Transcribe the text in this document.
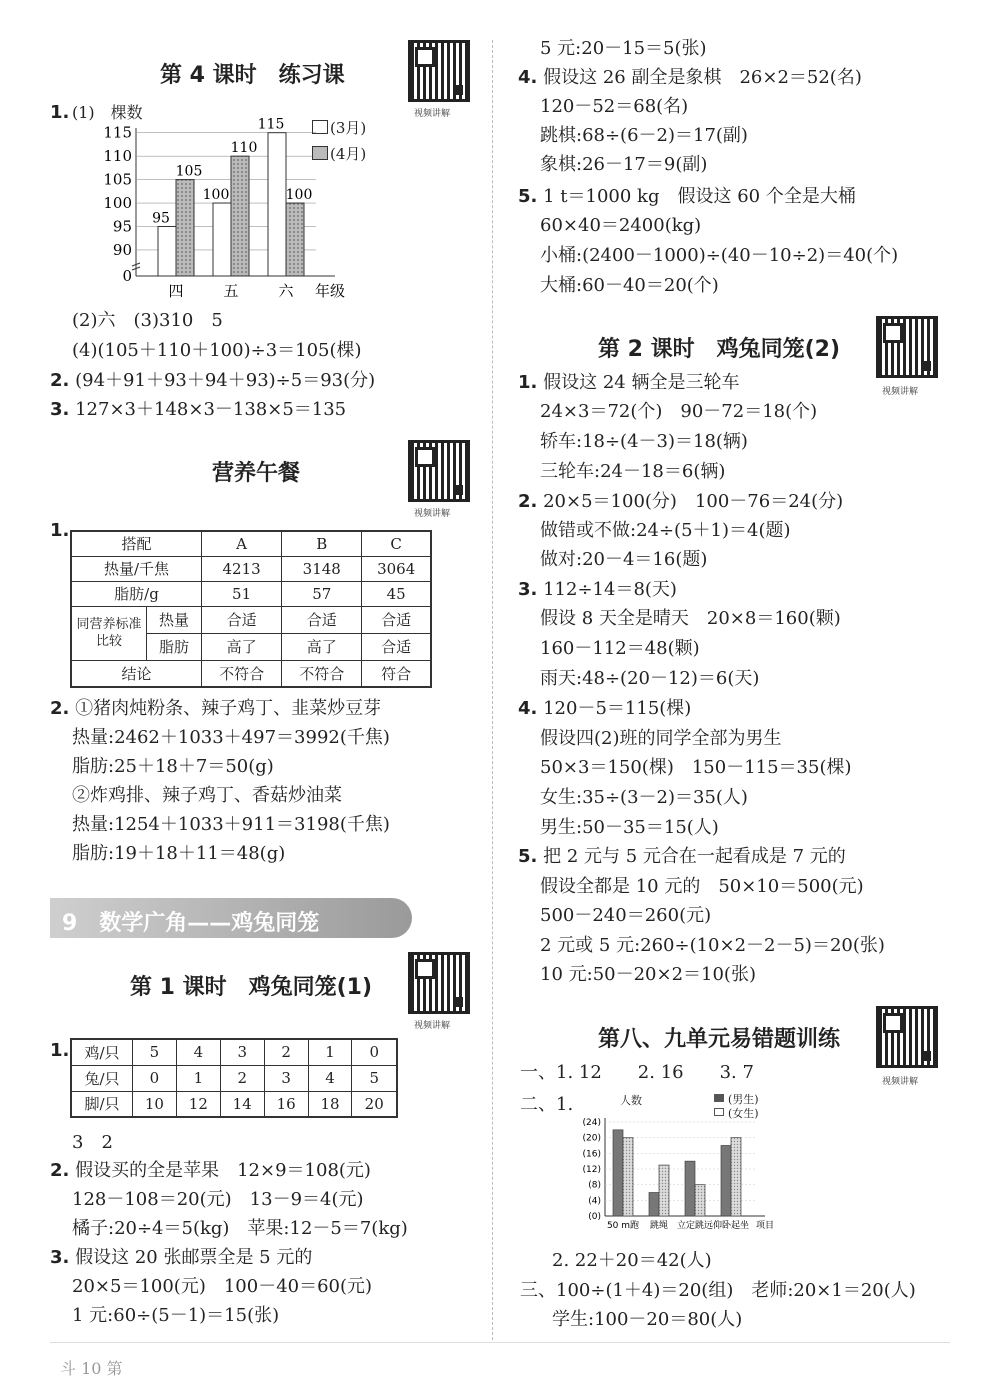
第 4 课时　练习课
视频讲解
1. (1)　棵数
0
90
95
100
105
110
115
95
105
四
100
110
五
115
100
六 年级
(3月)
(4月)
(2)六　(3)310　5
(4)(105＋110＋100)÷3＝105(棵)
2. (94＋91＋93＋94＋93)÷5＝93(分)
3. 127×3＋148×3－138×5＝135
营养午餐
视频讲解
1.
搭配		A	B	C
热量/千焦		4213	3148	3064
脂肪/g		51	57	45
同营养标准比较	热量	合适	合适	合适
	脂肪	高了	高了	合适
结论		不符合	不符合	符合
2. ①猪肉炖粉条、辣子鸡丁、韭菜炒豆芽
热量:2462＋1033＋497＝3992(千焦)
脂肪:25＋18＋7＝50(g)
②炸鸡排、辣子鸡丁、香菇炒油菜
热量:1254＋1033＋911＝3198(千焦)
脂肪:19＋18＋11＝48(g)
9　数学广角——鸡兔同笼
第 1 课时　鸡兔同笼(1)
视频讲解
1. 鸡/只	5	4	3	2	1	0
兔/只	0	1	2	3	4	5
脚/只	10	12	14	16	18	20
3　2
2. 假设买的全是苹果　12×9＝108(元)
128－108＝20(元)　13－9＝4(元)
橘子:20÷4＝5(kg)　苹果:12－5＝7(kg)
3. 假设这 20 张邮票全是 5 元的
20×5＝100(元)　100－40＝60(元)
1 元:60÷(5－1)＝15(张)
斗 10 第
5 元:20－15＝5(张)
4. 假设这 26 副全是象棋　26×2＝52(名)
120－52＝68(名)
跳棋:68÷(6－2)＝17(副)
象棋:26－17＝9(副)
5. 1 t＝1000 kg　假设这 60 个全是大桶
60×40＝2400(kg)
小桶:(2400－1000)÷(40－10÷2)＝40(个)
大桶:60－40＝20(个)
第 2 课时　鸡兔同笼(2)
视频讲解
1. 假设这 24 辆全是三轮车
24×3＝72(个)　90－72＝18(个)
轿车:18÷(4－3)＝18(辆)
三轮车:24－18＝6(辆)
2. 20×5＝100(分)　100－76＝24(分)
做错或不做:24÷(5＋1)＝4(题)
做对:20－4＝16(题)
3. 112÷14＝8(天)
假设 8 天全是晴天　20×8＝160(颗)
160－112＝48(颗)
雨天:48÷(20－12)＝6(天)
4. 120－5＝115(棵)
假设四(2)班的同学全部为男生
50×3＝150(棵)　150－115＝35(棵)
女生:35÷(3－2)＝35(人)
男生:50－35＝15(人)
5. 把 2 元与 5 元合在一起看成是 7 元的
假设全都是 10 元的　50×10＝500(元)
500－240＝260(元)
2 元或 5 元:260÷(10×2－2－5)＝20(张)
10 元:50－20×2＝10(张)
第八、九单元易错题训练
视频讲解
一、1. 12　　2. 16　　3. 7
二、1.	人数	(男生)
(女生)
(0)
(4)
(8)
(12)
(16)
(20)
(24)
50 m跑 跳绳 立定跳远 仰卧起坐 项目
2. 22＋20＝42(人)
三、100÷(1＋4)＝20(组)　老师:20×1＝20(人)
学生:100－20＝80(人)
